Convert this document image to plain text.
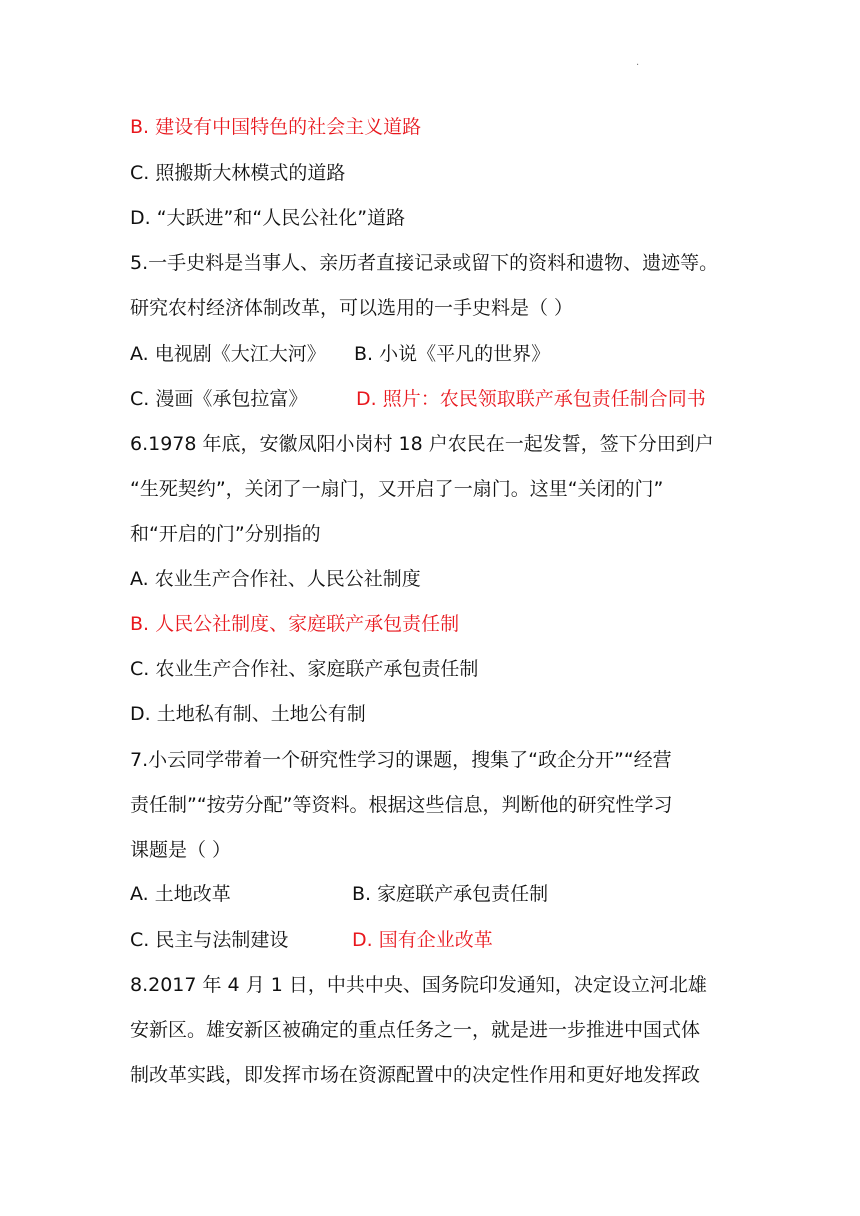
·
B. 建设有中国特色的社会主义道路
C. 照搬斯大林模式的道路
D. “大跃进”和“人民公社化”道路
5.一手史料是当事人、亲历者直接记录或留下的资料和遗物、遗迹等。
研究农村经济体制改革，可以选用的一手史料是（ ）
A. 电视剧《大江大河》 B. 小说《平凡的世界》
C. 漫画《承包拉富》	D. 照片：农民领取联产承包责任制合同书
6.1978 年底，安徽凤阳小岗村 18 户农民在一起发誓，签下分田到户
“生死契约”，关闭了一扇门，又开启了一扇门。这里“关闭的门”
和“开启的门”分别指的
A. 农业生产合作社、人民公社制度
B. 人民公社制度、家庭联产承包责任制
C. 农业生产合作社、家庭联产承包责任制
D. 土地私有制、土地公有制
7.小云同学带着一个研究性学习的课题，搜集了“政企分开”“经营
责任制”“按劳分配”等资料。根据这些信息，判断他的研究性学习
课题是（ ）
A. 土地改革	B. 家庭联产承包责任制
C. 民主与法制建设	D. 国有企业改革
8.2017 年 4 月 1 日，中共中央、国务院印发通知，决定设立河北雄
安新区。雄安新区被确定的重点任务之一，就是进一步推进中国式体
制改革实践，即发挥市场在资源配置中的决定性作用和更好地发挥政
